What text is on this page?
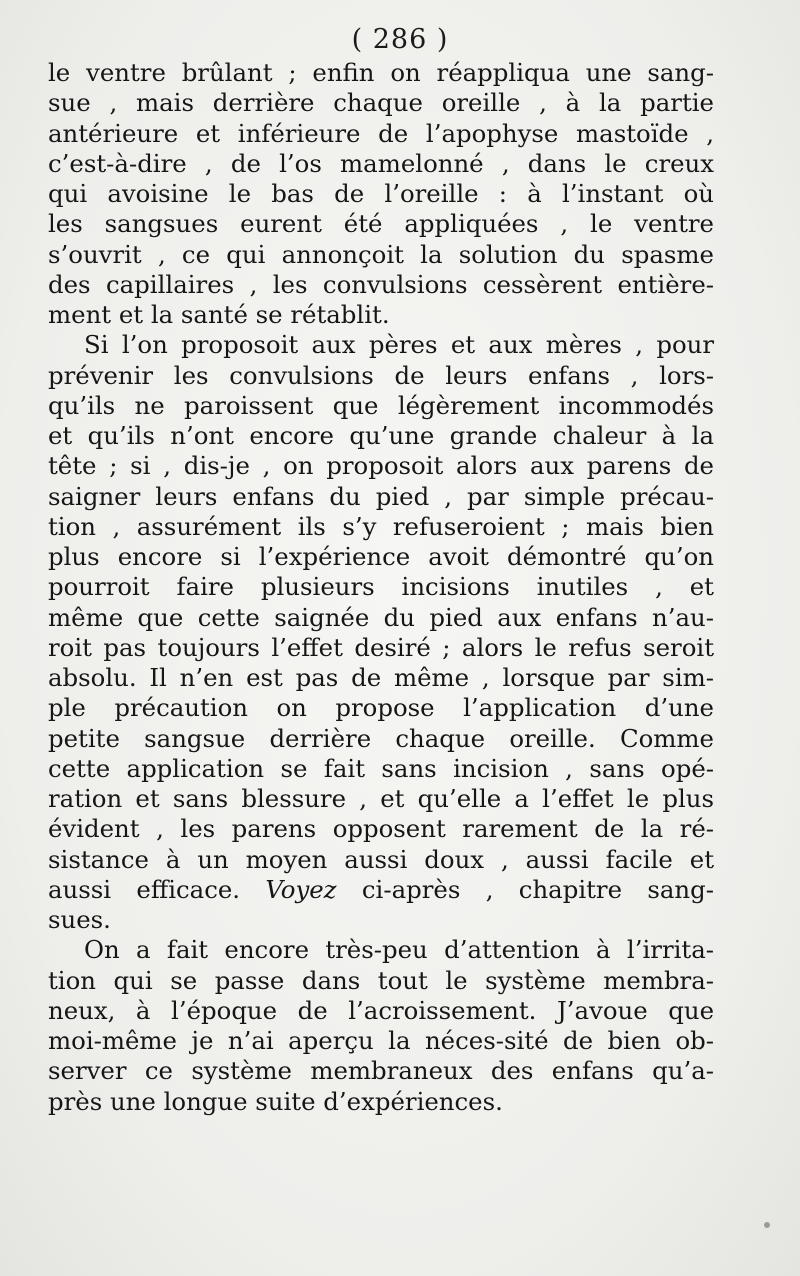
( 286 )
le ventre brûlant ; enfin on réappliqua une sang-
sue , mais derrière chaque oreille , à la partie
antérieure et inférieure de l’apophyse mastoïde ,
c’est-à-dire , de l’os mamelonné , dans le creux
qui avoisine le bas de l’oreille : à l’instant où
les sangsues eurent été appliquées , le ventre
s’ouvrit , ce qui annonçoit la solution du spasme
des capillaires , les convulsions cessèrent entière-
ment et la santé se rétablit.
Si l’on proposoit aux pères et aux mères , pour
prévenir les convulsions de leurs enfans , lors-
qu’ils ne paroissent que légèrement incommodés
et qu’ils n’ont encore qu’une grande chaleur à la
tête ; si , dis-je , on proposoit alors aux parens de
saigner leurs enfans du pied , par simple précau-
tion , assurément ils s’y refuseroient ; mais bien
plus encore si l’expérience avoit démontré qu’on
pourroit faire plusieurs incisions inutiles , et
même que cette saignée du pied aux enfans n’au-
roit pas toujours l’effet desiré ; alors le refus seroit
absolu. Il n’en est pas de même , lorsque par sim-
ple précaution on propose l’application d’une
petite sangsue derrière chaque oreille. Comme
cette application se fait sans incision , sans opé-
ration et sans blessure , et qu’elle a l’effet le plus
évident , les parens opposent rarement de la ré-
sistance à un moyen aussi doux , aussi facile et
aussi efficace. Voyez ci-après , chapitre sang-
sues.
On a fait encore très-peu d’attention à l’irrita-
tion qui se passe dans tout le système membra-
neux, à l’époque de l’acroissement. J’avoue que
moi-même je n’ai aperçu la néces-sité de bien ob-
server ce système membraneux des enfans qu’a-
près une longue suite d’expériences.
